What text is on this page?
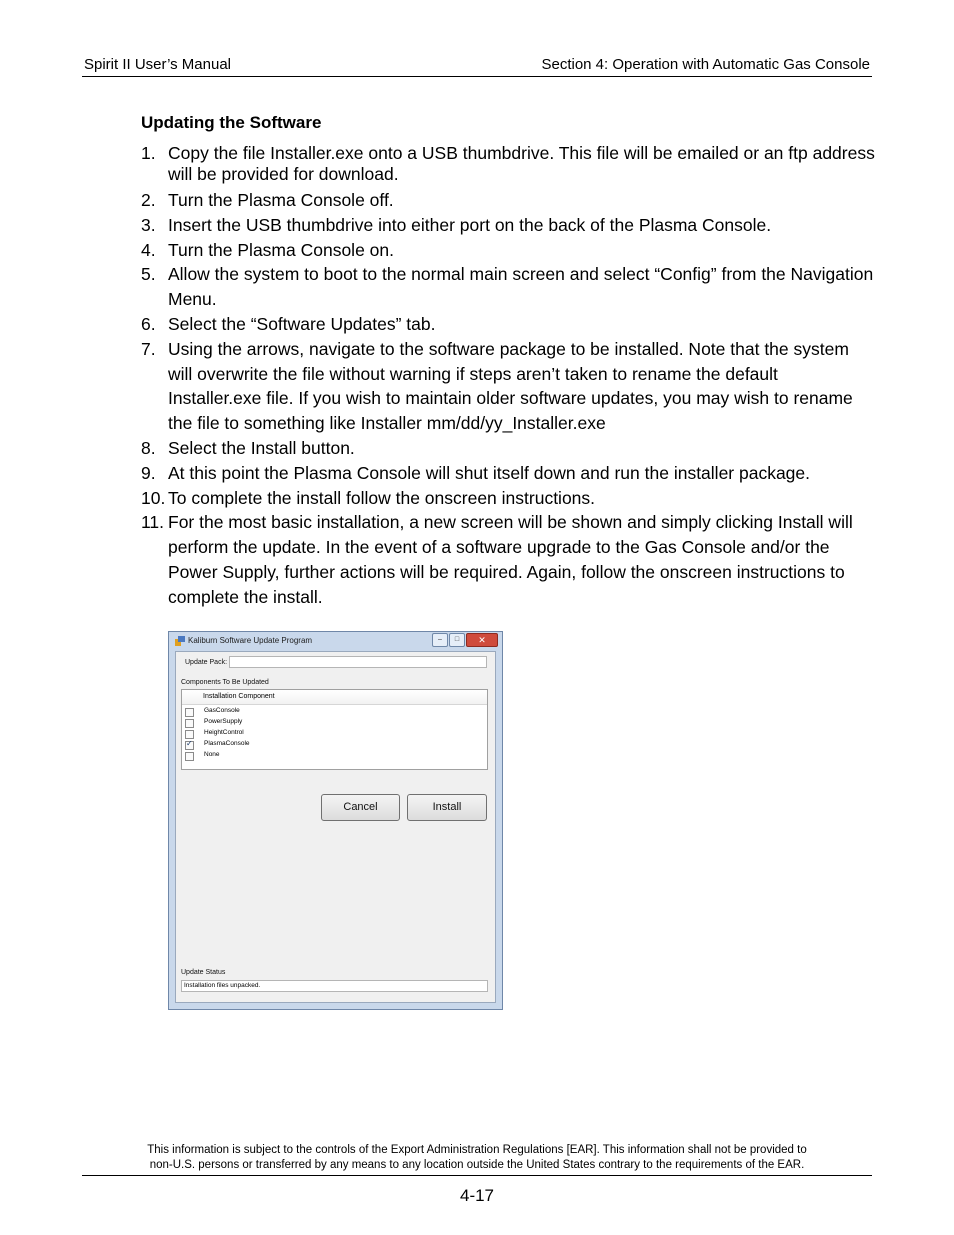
Spirit II User’s Manual	Section 4: Operation with Automatic Gas Console
Updating the Software
1. Copy the file Installer.exe onto a USB thumbdrive. This file will be emailed or an ftp address will be provided for download.
2. Turn the Plasma Console off.
3. Insert the USB thumbdrive into either port on the back of the Plasma Console.
4. Turn the Plasma Console on.
5. Allow the system to boot to the normal main screen and select “Config” from the Navigation Menu.
6. Select the “Software Updates” tab.
7. Using the arrows, navigate to the software package to be installed. Note that the system will overwrite the file without warning if steps aren’t taken to rename the default Installer.exe file. If you wish to maintain older software updates, you may wish to rename the file to something like Installer mm/dd/yy_Installer.exe
8. Select the Install button.
9. At this point the Plasma Console will shut itself down and run the installer package.
10. To complete the install follow the onscreen instructions.
11. For the most basic installation, a new screen will be shown and simply clicking Install will perform the update. In the event of a software upgrade to the Gas Console and/or the Power Supply, further actions will be required. Again, follow the onscreen instructions to complete the install.
Kaliburn Software Update Program	–	□	✕
Update Pack:
Components To Be Updated
Installation Component
GasConsole
PowerSupply
HeightControl
✓
PlasmaConsole
None
Cancel	Install
Update Status
Installation files unpacked.
This information is subject to the controls of the Export Administration Regulations [EAR]. This information shall not be provided to
non-U.S. persons or transferred by any means to any location outside the United States contrary to the requirements of the EAR.
4-17
